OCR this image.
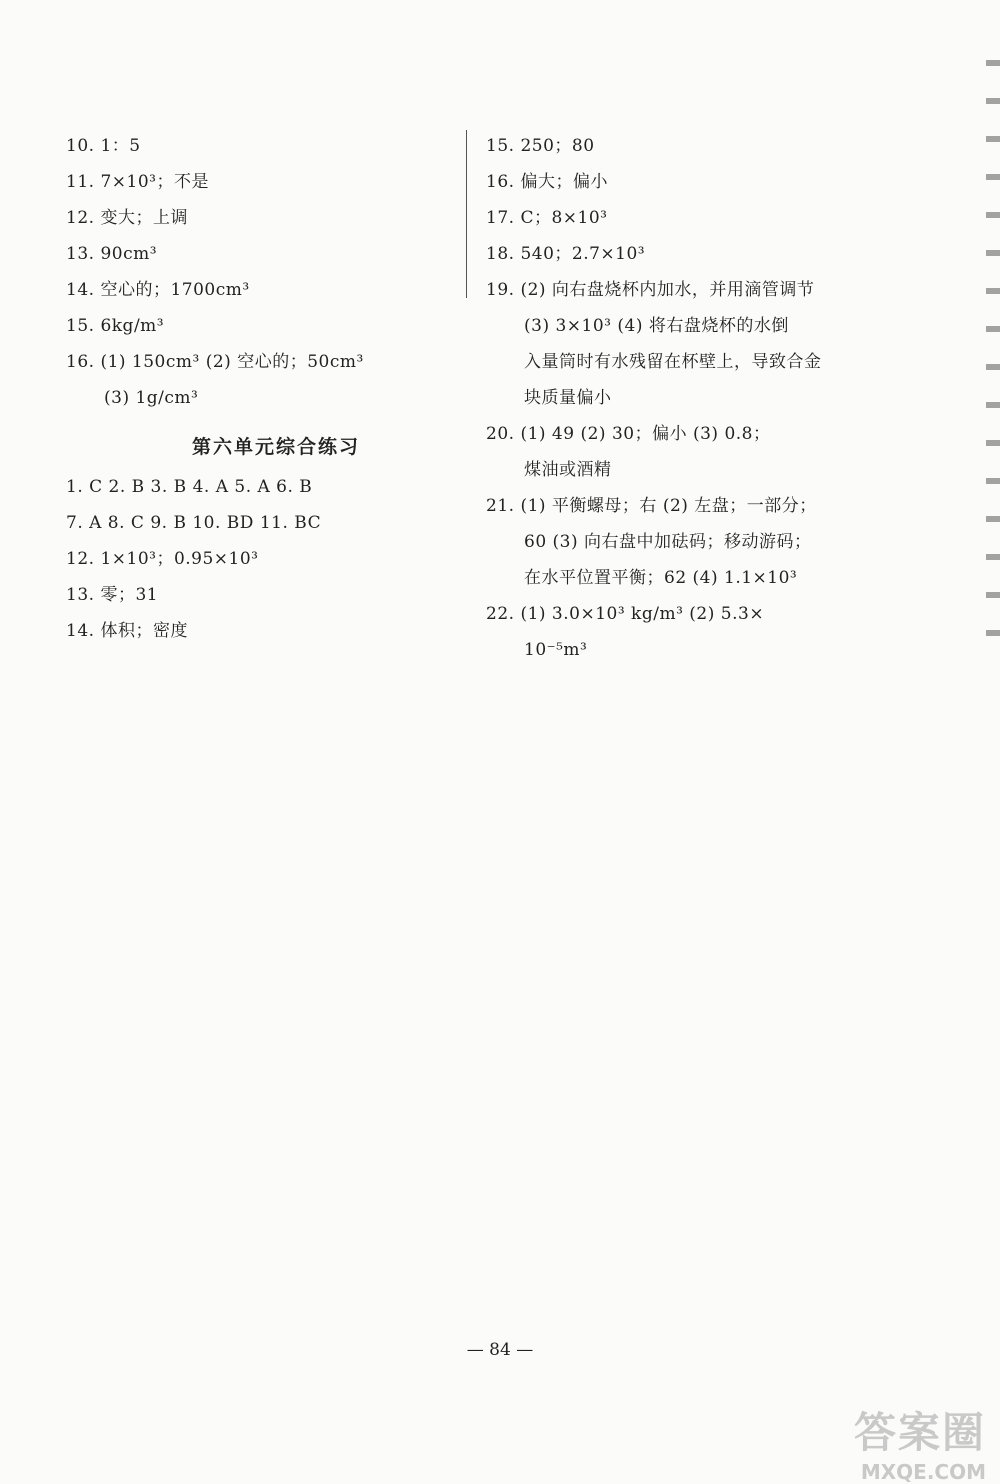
10. 1：5
11. 7×10³；不是
12. 变大；上调
13. 90cm³
14. 空心的；1700cm³
15. 6kg/m³
16. (1) 150cm³ (2) 空心的；50cm³
(3) 1g/cm³
第六单元综合练习
1. C 2. B 3. B 4. A 5. A 6. B
7. A 8. C 9. B 10. BD 11. BC
12. 1×10³；0.95×10³
13. 零；31
14. 体积；密度
15. 250；80
16. 偏大；偏小
17. C；8×10³
18. 540；2.7×10³
19. (2) 向右盘烧杯内加水，并用滴管调节
(3) 3×10³ (4) 将右盘烧杯的水倒
入量筒时有水残留在杯壁上，导致合金
块质量偏小
20. (1) 49 (2) 30；偏小 (3) 0.8；
煤油或酒精
21. (1) 平衡螺母；右 (2) 左盘；一部分；
60 (3) 向右盘中加砝码；移动游码；
在水平位置平衡；62 (4) 1.1×10³
22. (1) 3.0×10³ kg/m³ (2) 5.3×
10⁻⁵m³
— 84 —
答案圈
MXQE.COM
